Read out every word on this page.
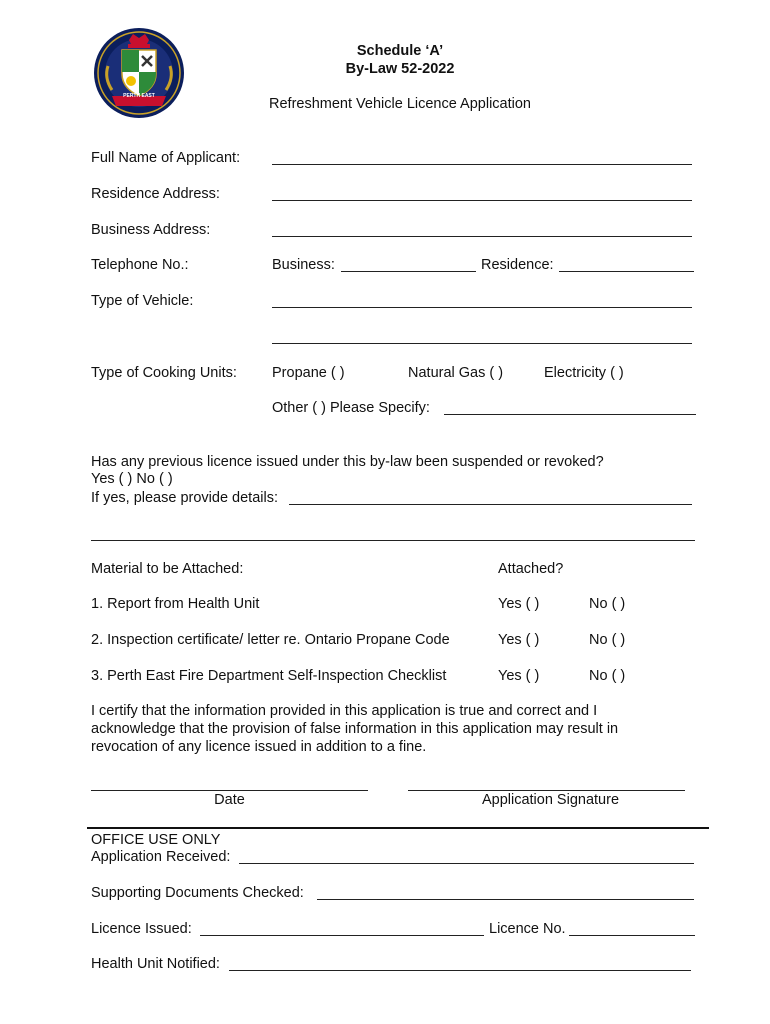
PERTH EAST
Schedule ‘A’
By-Law 52-2022
Refreshment Vehicle Licence Application
Full Name of Applicant:
Residence Address:
Business Address:
Telephone No.:	Business:	Residence:
Type of Vehicle:
Type of Cooking Units: Propane ( )	Natural Gas ( )	Electricity ( )
Other ( ) Please Specify:
Has any previous licence issued under this by-law been suspended or revoked?
Yes ( ) No ( )
If yes, please provide details:
Material to be Attached:	Attached?
1. Report from Health Unit	Yes ( )	No ( )
2. Inspection certificate/ letter re. Ontario Propane Code	Yes ( )	No ( )
3. Perth East Fire Department Self-Inspection Checklist	Yes ( )	No ( )
I certify that the information provided in this application is true and correct and I
acknowledge that the provision of false information in this application may result in
revocation of any licence issued in addition to a fine.
Date	Application Signature
OFFICE USE ONLY
Application Received:
Supporting Documents Checked:
Licence Issued:	Licence No.
Health Unit Notified:
